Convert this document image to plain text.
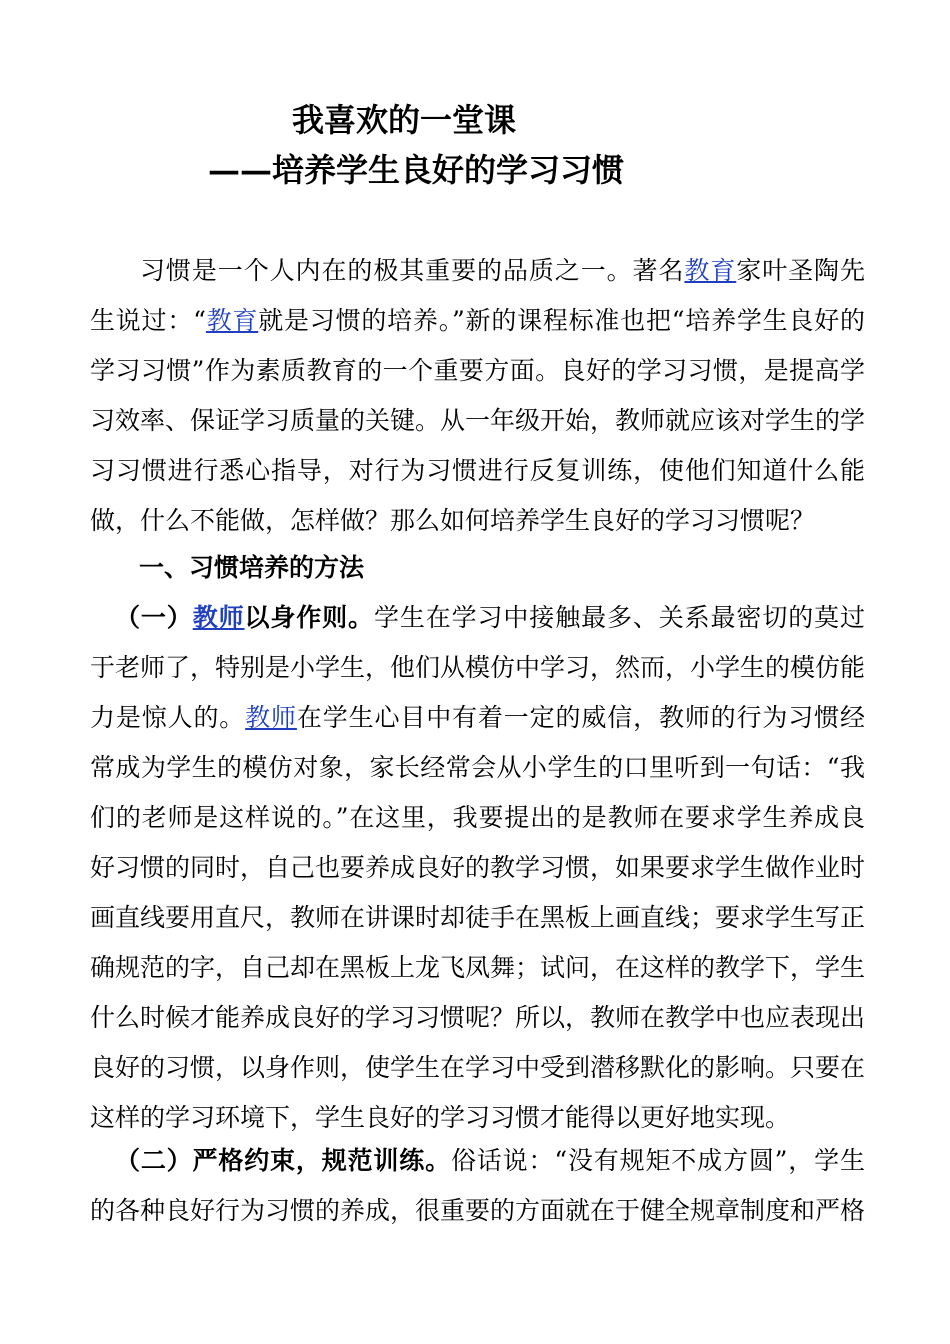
我喜欢的一堂课
——培养学生良好的学习习惯
习惯是一个人内在的极其重要的品质之一。著名教育家叶圣陶先生说过：“教育就是习惯的培养。”新的课程标准也把“培养学生良好的学习习惯”作为素质教育的一个重要方面。良好的学习习惯，是提高学习效率、保证学习质量的关键。从一年级开始，教师就应该对学生的学习习惯进行悉心指导，对行为习惯进行反复训练，使他们知道什么能做，什么不能做，怎样做？那么如何培养学生良好的学习习惯呢？
一、习惯培养的方法
（一）教师以身作则。学生在学习中接触最多、关系最密切的莫过于老师了，特别是小学生，他们从模仿中学习，然而，小学生的模仿能力是惊人的。教师在学生心目中有着一定的威信，教师的行为习惯经常成为学生的模仿对象，家长经常会从小学生的口里听到一句话：“我们的老师是这样说的。”在这里，我要提出的是教师在要求学生养成良好习惯的同时，自己也要养成良好的教学习惯，如果要求学生做作业时画直线要用直尺，教师在讲课时却徒手在黑板上画直线；要求学生写正确规范的字，自己却在黑板上龙飞凤舞；试问，在这样的教学下，学生什么时候才能养成良好的学习习惯呢？所以，教师在教学中也应表现出良好的习惯，以身作则，使学生在学习中受到潜移默化的影响。只要在这样的学习环境下，学生良好的学习习惯才能得以更好地实现。
（二）严格约束，规范训练。俗话说：“没有规矩不成方圆”，学生的各种良好行为习惯的养成，很重要的方面就在于健全规章制度和严格
